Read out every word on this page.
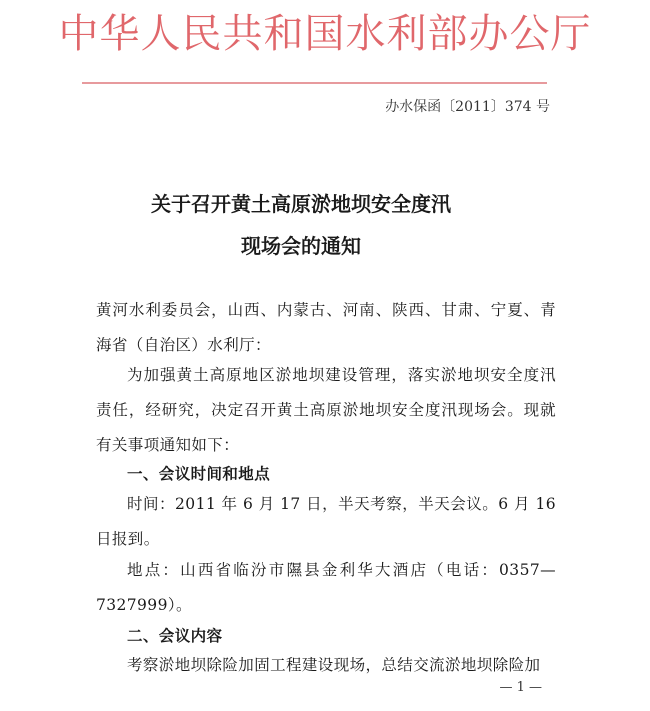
中华人民共和国水利部办公厅
办水保函〔2011〕374 号
关于召开黄土高原淤地坝安全度汛
现场会的通知
黄河水利委员会，山西、内蒙古、河南、陕西、甘肃、宁夏、青海省（自治区）水利厅：
为加强黄土高原地区淤地坝建设管理，落实淤地坝安全度汛责任，经研究，决定召开黄土高原淤地坝安全度汛现场会。现就有关事项通知如下：
一、会议时间和地点
时间：2011 年 6 月 17 日，半天考察，半天会议。6 月 16 日报到。
地点：山西省临汾市隰县金利华大酒店（电话：0357—7327999）。
二、会议内容
考察淤地坝除险加固工程建设现场，总结交流淤地坝除险加
— 1 —
